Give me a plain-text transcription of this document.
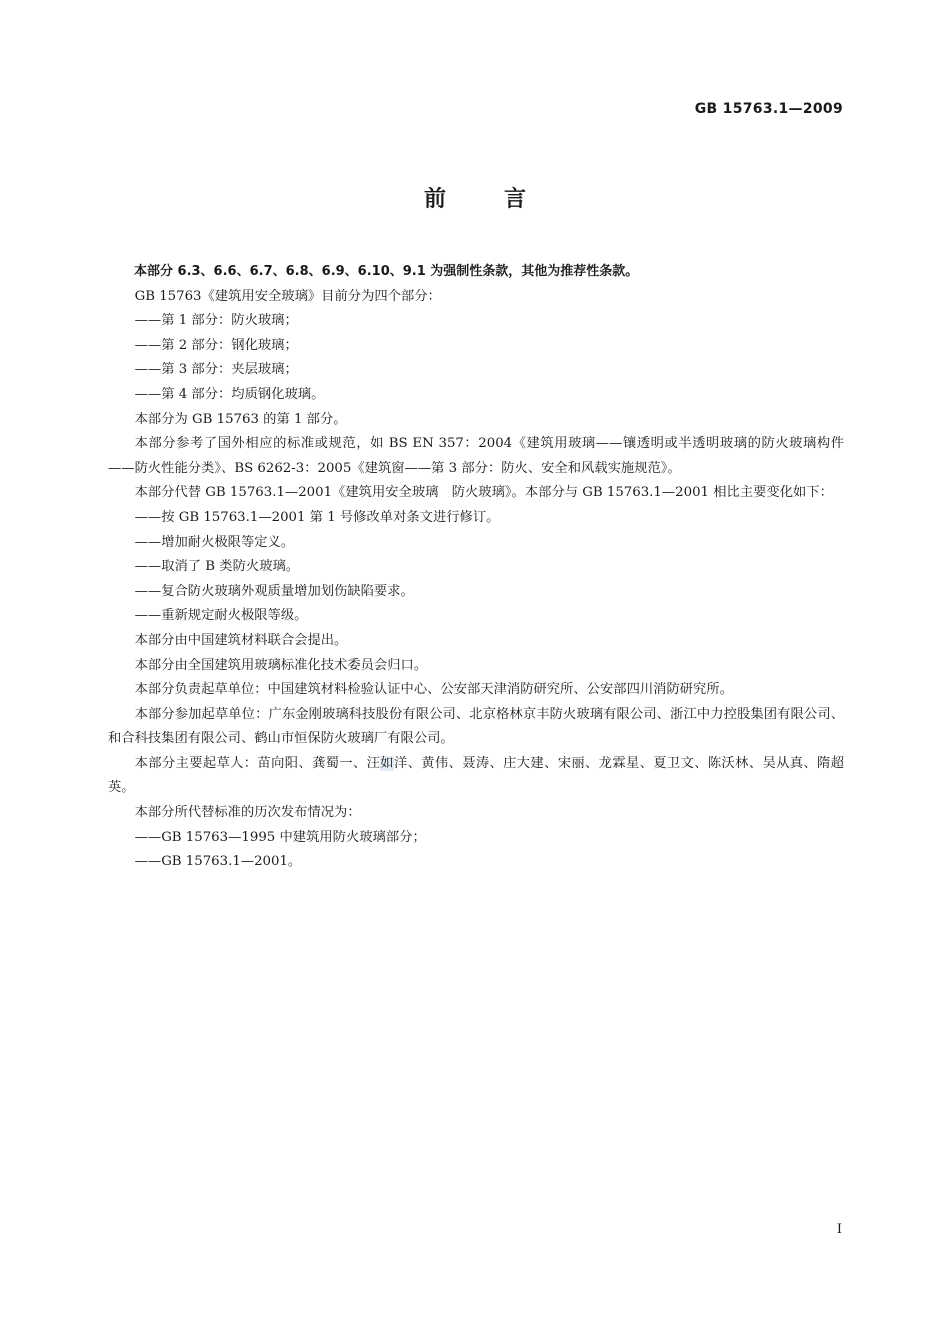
GB 15763.1—2009
前言

本部分 6.3、6.6、6.7、6.8、6.9、6.10、9.1 为强制性条款，其他为推荐性条款。

GB 15763《建筑用安全玻璃》目前分为四个部分：

——第 1 部分：防火玻璃；

——第 2 部分：钢化玻璃；

——第 3 部分：夹层玻璃；

——第 4 部分：均质钢化玻璃。

本部分为 GB 15763 的第 1 部分。

本部分参考了国外相应的标准或规范，如 BS EN 357：2004《建筑用玻璃——镶透明或半透明玻璃的防火玻璃构件——防火性能分类》、BS 6262-3：2005《建筑窗——第 3 部分：防火、安全和风载实施规范》。

本部分代替 GB 15763.1—2001《建筑用安全玻璃　防火玻璃》。本部分与 GB 15763.1—2001 相比主要变化如下：

——按 GB 15763.1—2001 第 1 号修改单对条文进行修订。

——增加耐火极限等定义。

——取消了 B 类防火玻璃。

——复合防火玻璃外观质量增加划伤缺陷要求。

——重新规定耐火极限等级。

本部分由中国建筑材料联合会提出。

本部分由全国建筑用玻璃标准化技术委员会归口。

本部分负责起草单位：中国建筑材料检验认证中心、公安部天津消防研究所、公安部四川消防研究所。

本部分参加起草单位：广东金刚玻璃科技股份有限公司、北京格林京丰防火玻璃有限公司、浙江中力控股集团有限公司、和合科技集团有限公司、鹤山市恒保防火玻璃厂有限公司。

本部分主要起草人：苗向阳、龚蜀一、汪如洋、黄伟、聂涛、庄大建、宋丽、龙霖星、夏卫文、陈沃林、吴从真、隋超英。

本部分所代替标准的历次发布情况为：

——GB 15763—1995 中建筑用防火玻璃部分；

——GB 15763.1—2001。

I
